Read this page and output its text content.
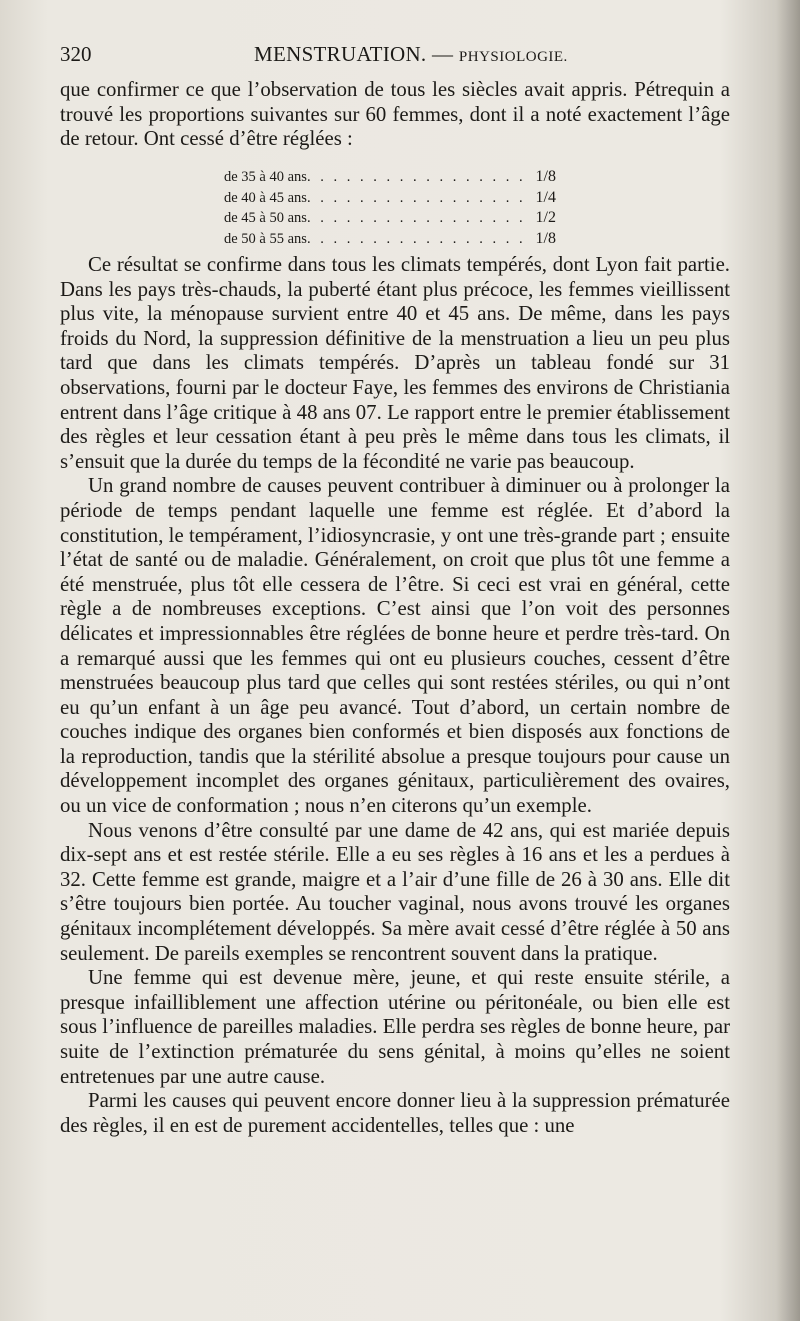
320	MENSTRUATION. — PHYSIOLOGIE.

que confirmer ce que l’observation de tous les siècles avait appris. Pétrequin a trouvé les proportions suivantes sur 60 femmes, dont il a noté exactement l’âge de retour. Ont cessé d’être réglées :

de 35 à 40 ans . . .	1/8
de 40 à 45 ans . . .	1/4
de 45 à 50 ans . . .	1/2
de 50 à 55 ans . . .	1/8

Ce résultat se confirme dans tous les climats tempérés, dont Lyon fait partie. Dans les pays très-chauds, la puberté étant plus précoce, les femmes vieillissent plus vite, la ménopause survient entre 40 et 45 ans. De même, dans les pays froids du Nord, la suppression définitive de la menstruation a lieu un peu plus tard que dans les climats tempérés. D’après un tableau fondé sur 31 observations, fourni par le docteur Faye, les femmes des environs de Christiania entrent dans l’âge critique à 48 ans 07. Le rapport entre le premier établissement des règles et leur cessation étant à peu près le même dans tous les climats, il s’ensuit que la durée du temps de la fécondité ne varie pas beaucoup.

Un grand nombre de causes peuvent contribuer à diminuer ou à prolonger la période de temps pendant laquelle une femme est réglée. Et d’abord la constitution, le tempérament, l’idiosyncrasie, y ont une très-grande part ; ensuite l’état de santé ou de maladie. Généralement, on croit que plus tôt une femme a été menstruée, plus tôt elle cessera de l’être. Si ceci est vrai en général, cette règle a de nombreuses exceptions. C’est ainsi que l’on voit des personnes délicates et impressionnables être réglées de bonne heure et perdre très-tard. On a remarqué aussi que les femmes qui ont eu plusieurs couches, cessent d’être menstruées beaucoup plus tard que celles qui sont restées stériles, ou qui n’ont eu qu’un enfant à un âge peu avancé. Tout d’abord, un certain nombre de couches indique des organes bien conformés et bien disposés aux fonctions de la reproduction, tandis que la stérilité absolue a presque toujours pour cause un développement incomplet des organes génitaux, particulièrement des ovaires, ou un vice de conformation ; nous n’en citerons qu’un exemple.

Nous venons d’être consulté par une dame de 42 ans, qui est mariée depuis dix-sept ans et est restée stérile. Elle a eu ses règles à 16 ans et les a perdues à 32. Cette femme est grande, maigre et a l’air d’une fille de 26 à 30 ans. Elle dit s’être toujours bien portée. Au toucher vaginal, nous avons trouvé les organes génitaux incomplétement développés. Sa mère avait cessé d’être réglée à 50 ans seulement. De pareils exemples se rencontrent souvent dans la pratique.

Une femme qui est devenue mère, jeune, et qui reste ensuite stérile, a presque infailliblement une affection utérine ou péritonéale, ou bien elle est sous l’influence de pareilles maladies. Elle perdra ses règles de bonne heure, par suite de l’extinction prématurée du sens génital, à moins qu’elles ne soient entretenues par une autre cause.

Parmi les causes qui peuvent encore donner lieu à la suppression prématurée des règles, il en est de purement accidentelles, telles que : une
